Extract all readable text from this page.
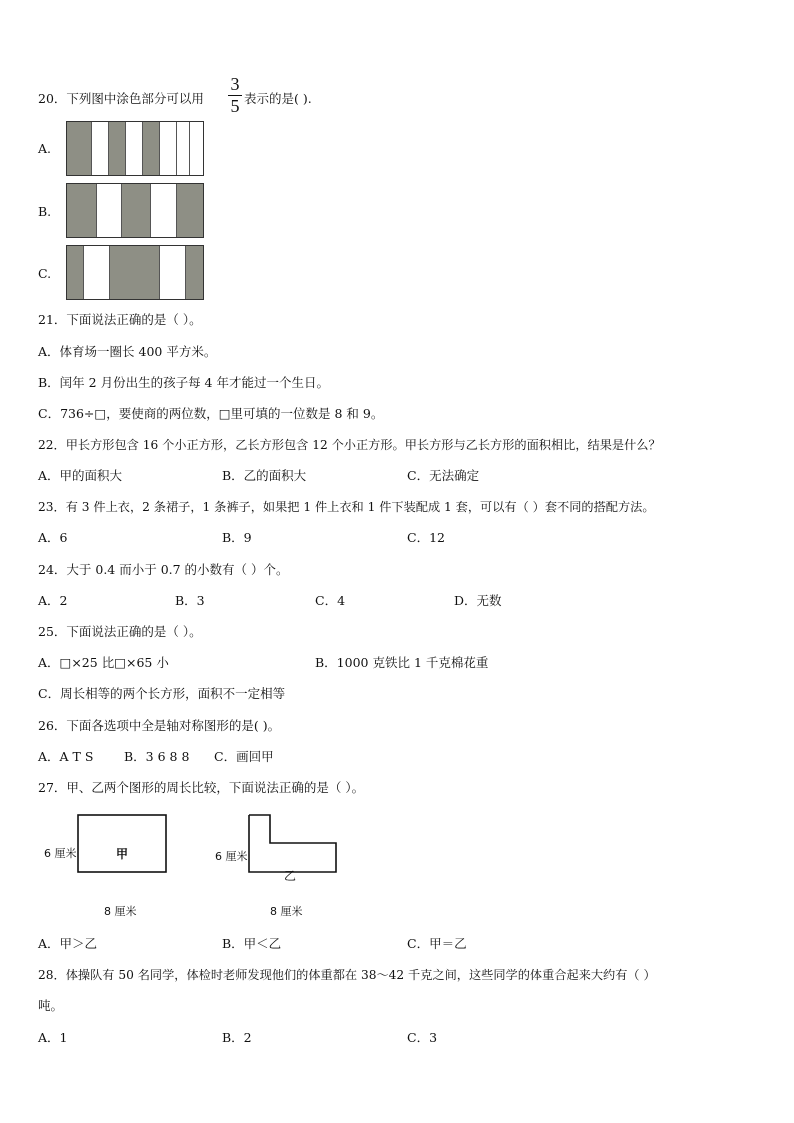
20．下列图中涂色部分可以用
3
5 表示的是( ).
A.
B.
C.
21．下面说法正确的是（ ）。
A．体育场一圈长 400 平方米。
B．闰年 2 月份出生的孩子每 4 年才能过一个生日。
C．736÷□，要使商的两位数，□里可填的一位数是 8 和 9。
22．甲长方形包含 16 个小正方形，乙长方形包含 12 个小正方形。甲长方形与乙长方形的面积相比，结果是什么？
A．甲的面积大	B．乙的面积大	C．无法确定
23．有 3 件上衣，2 条裙子，1 条裤子，如果把 1 件上衣和 1 件下装配成 1 套，可以有（ ）套不同的搭配方法。
A．6	B．9	C．12
24．大于 0.4 而小于 0.7 的小数有（ ）个。
A．2	B．3	C．4	D．无数
25．下面说法正确的是（ ）。
A．□×25 比□×65 小	B．1000 克铁比 1 千克棉花重
C．周长相等的两个长方形，面积不一定相等
26．下面各选项中全是轴对称图形的是( )。
A．A T S B．3 6 8 8 C．画回甲
27．甲、乙两个图形的周长比较，下面说法正确的是（ ）。
6 厘米	甲
8 厘米
6 厘米
乙
8 厘米
A．甲＞乙	B．甲＜乙	C．甲＝乙
28．体操队有 50 名同学，体检时老师发现他们的体重都在 38～42 千克之间，这些同学的体重合起来大约有（ ）
吨。
A．1	B．2	C．3
